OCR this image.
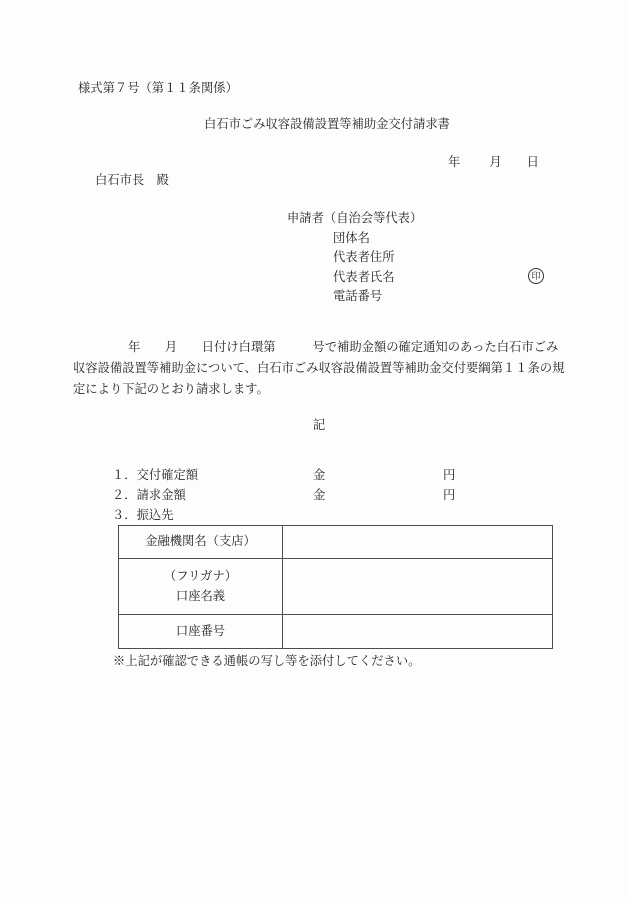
様式第７号（第１１条関係）
白石市ごみ収容設備設置等補助金交付請求書
年 月 日
白石市長　殿
申請者（自治会等代表）
団体名
代表者住所
代表者氏名	印
電話番号
年　　月　　日付け白環第　　　号で補助金額の確定通知のあった白石市ごみ
収容設備設置等補助金について、白石市ごみ収容設備設置等補助金交付要綱第１１条の規
定により下記のとおり請求します。
記
１．交付確定額	金	円
２．請求金額	金	円
３．振込先
金融機関名（支店）
（フリガナ）
口座名義
口座番号
※上記が確認できる通帳の写し等を添付してください。
